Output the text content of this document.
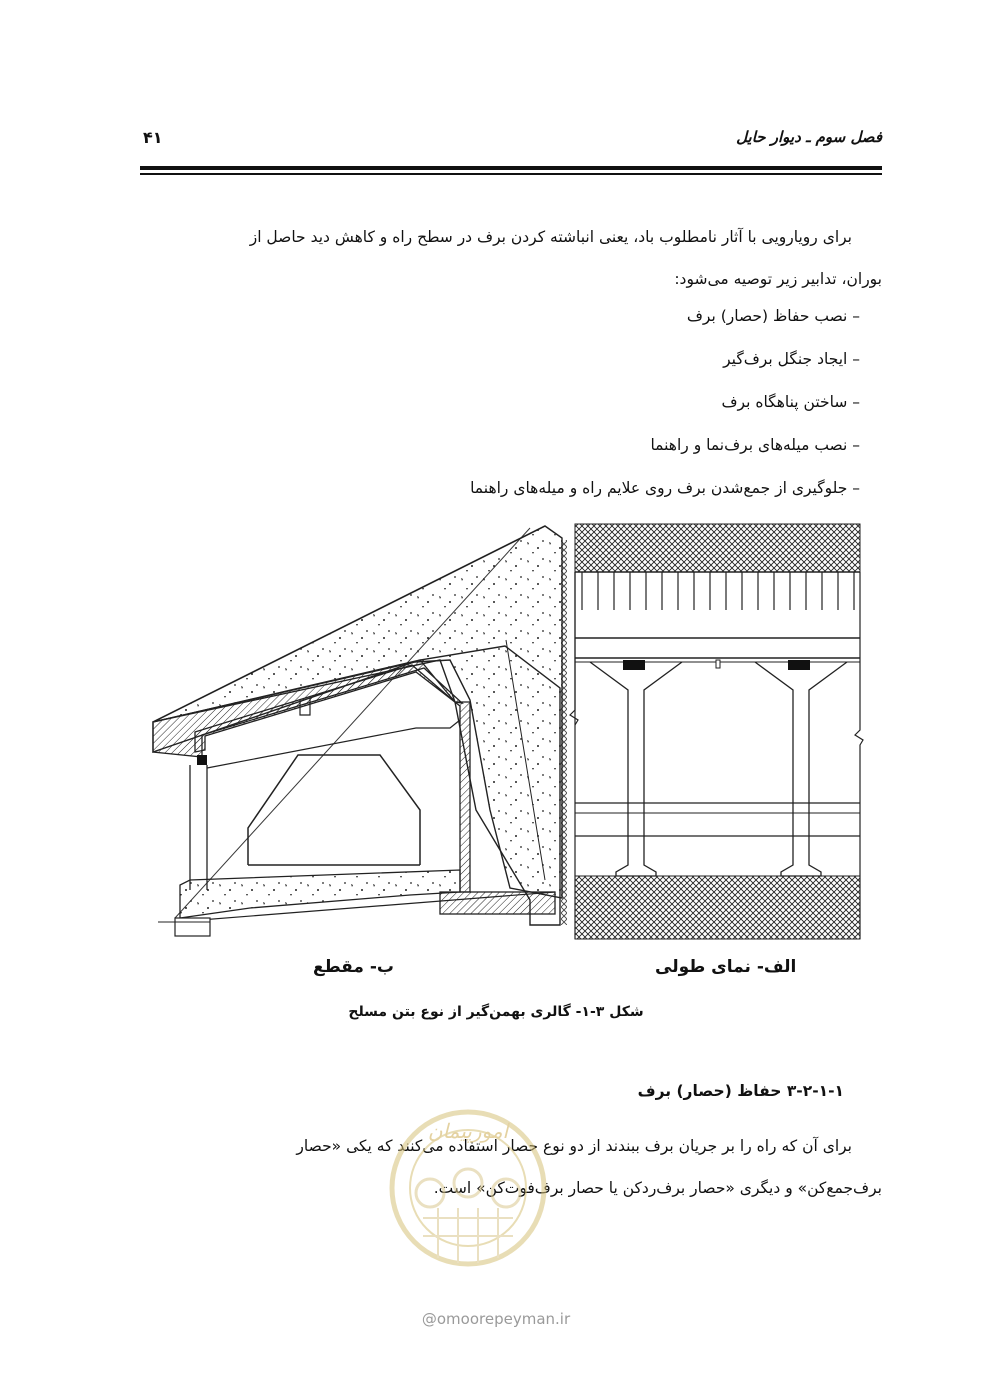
فصل سوم ـ دیوار حایل
۴۱
برای رویارویی با آثار نامطلوب باد، یعنی انباشته کردن برف در سطح راه و کاهش دید حاصل از
بوران، تدابیر زیر توصیه می‌شود:
– نصب حفاظ (حصار) برف
– ایجاد جنگل برف‌گیر
– ساختن پناهگاه برف
– نصب میله‌های برف‌نما و راهنما
– جلوگیری از جمع‌شدن برف روی علایم راه و میله‌های راهنما
الف- نمای طولی
ب- مقطع
شکل ۳-۱- گالری بهمن‌گیر از نوع بتن مسلح
۳-۲-۱-۱ حفاظ (حصار) برف
برای آن که راه را بر جریان برف ببندند از دو نوع حصار استفاده می‌کنند که یکی «حصار
برف‌جمع‌کن» و دیگری «حصار برف‌ردکن یا حصار برف‌فوت‌کن» است.
امورپیمان
@omoorepeyman.ir
